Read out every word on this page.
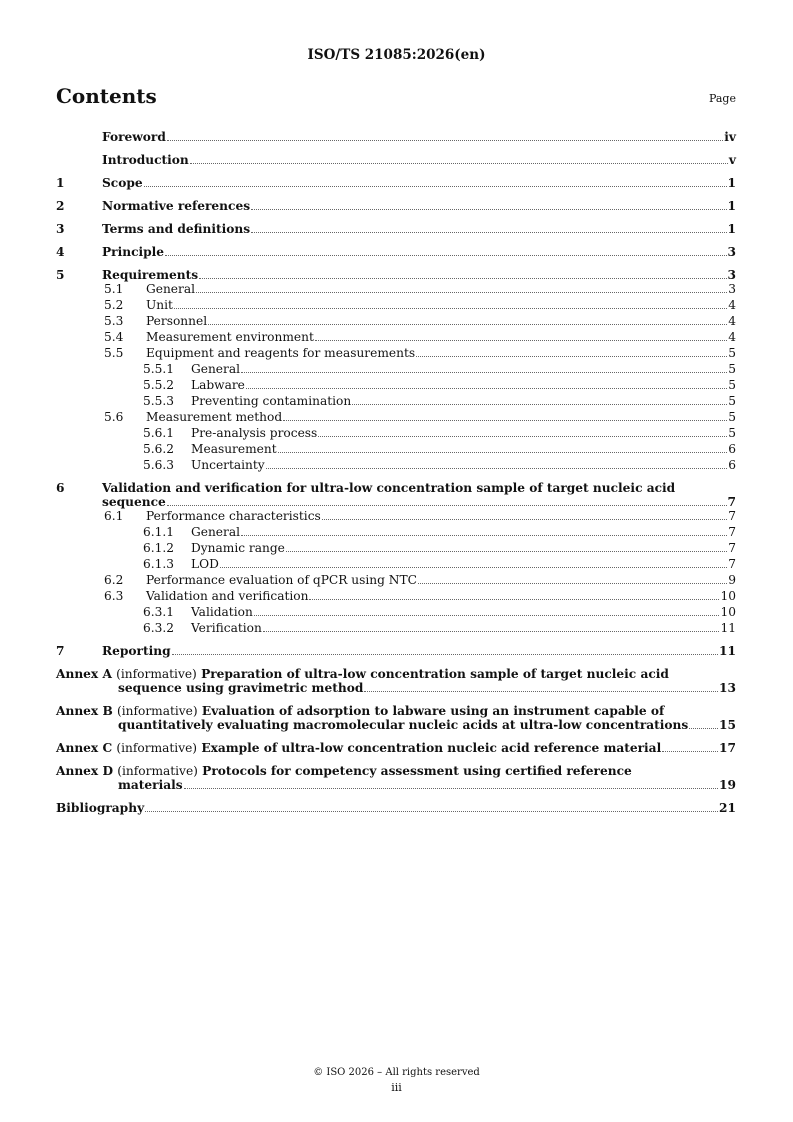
ISO/TS 21085:2026(en)
Contents	Page
Foreword	iv
Introduction	v
1	Scope	1
2	Normative references	1
3	Terms and definitions	1
4	Principle	3
5	Requirements	3
5.1	General	3
5.2	Unit	4
5.3	Personnel	4
5.4	Measurement environment	4
5.5	Equipment and reagents for measurements	5
5.5.1	General	5
5.5.2	Labware	5
5.5.3	Preventing contamination	5
5.6	Measurement method	5
5.6.1	Pre-analysis process	5
5.6.2	Measurement	6
5.6.3	Uncertainty	6
6	Validation and verification for ultra-low concentration sample of target nucleic acid
sequence	7
6.1	Performance characteristics	7
6.1.1	General	7
6.1.2	Dynamic range	7
6.1.3	LOD	7
6.2	Performance evaluation of qPCR using NTC	9
6.3	Validation and verification	10
6.3.1	Validation	10
6.3.2	Verification	11
7	Reporting	11
Annex A (informative) Preparation of ultra-low concentration sample of target nucleic acid
sequence using gravimetric method	13
Annex B (informative) Evaluation of adsorption to labware using an instrument capable of
quantitatively evaluating macromolecular nucleic acids at ultra-low concentrations	15
Annex C (informative) Example of ultra-low concentration nucleic acid reference material	17
Annex D (informative) Protocols for competency assessment using certified reference
materials	19
Bibliography	21
© ISO 2026 – All rights reserved
iii
